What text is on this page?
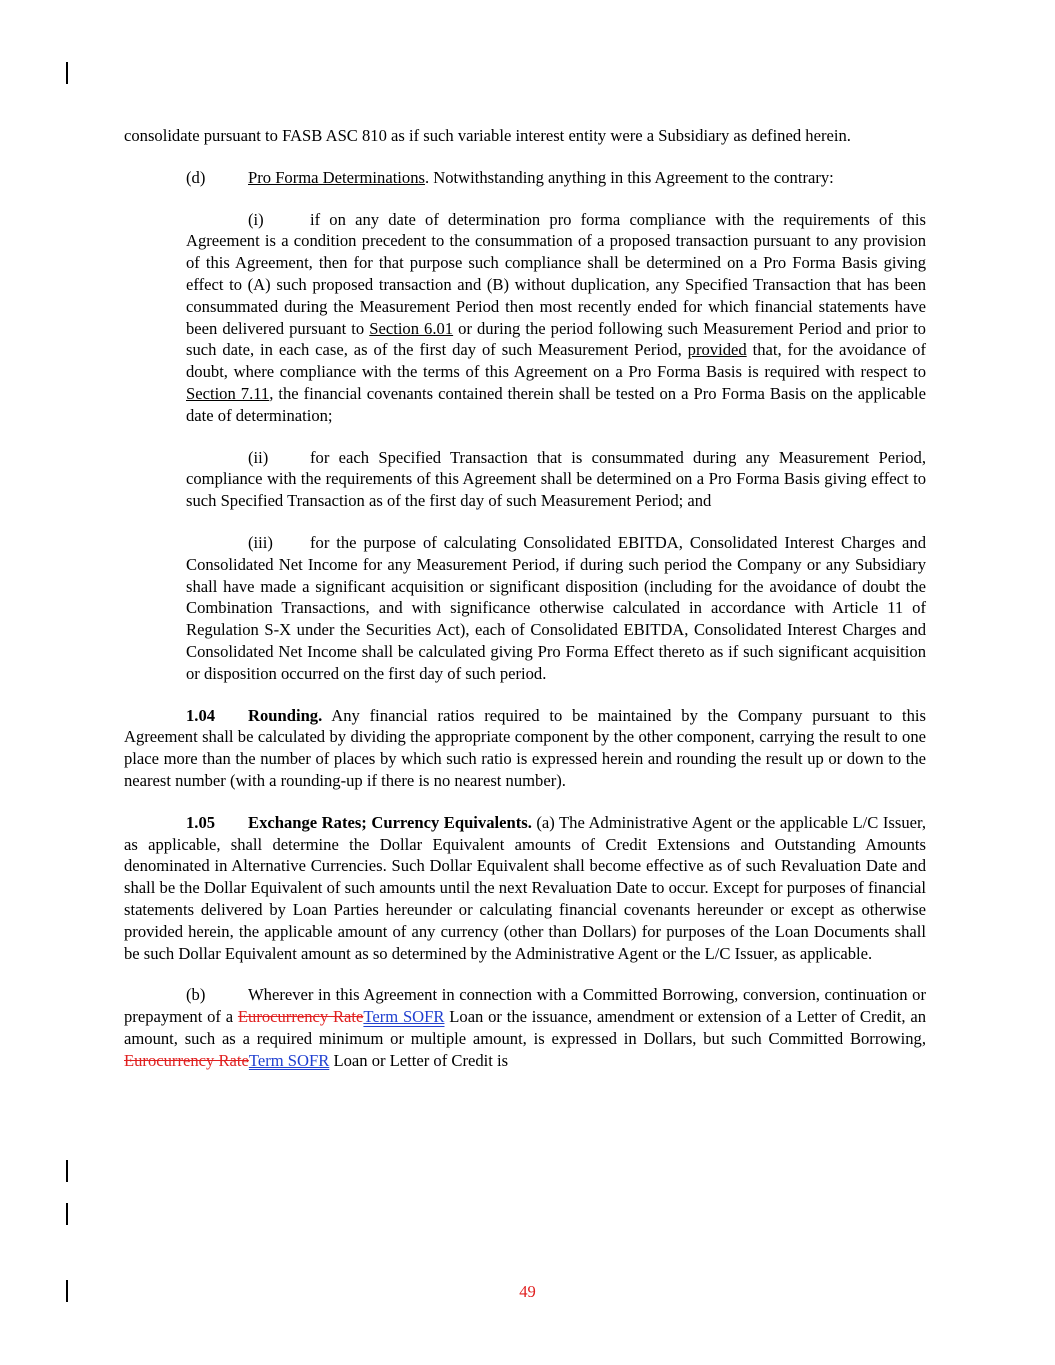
consolidate pursuant to FASB ASC 810 as if such variable interest entity were a Subsidiary as defined herein.

(d)	Pro Forma Determinations. Notwithstanding anything in this Agreement to the contrary:

(i)	if on any date of determination pro forma compliance with the requirements of this Agreement is a condition precedent to the consummation of a proposed transaction pursuant to any provision of this Agreement, then for that purpose such compliance shall be determined on a Pro Forma Basis giving effect to (A) such proposed transaction and (B) without duplication, any Specified Transaction that has been consummated during the Measurement Period then most recently ended for which financial statements have been delivered pursuant to Section 6.01 or during the period following such Measurement Period and prior to such date, in each case, as of the first day of such Measurement Period, provided that, for the avoidance of doubt, where compliance with the terms of this Agreement on a Pro Forma Basis is required with respect to Section 7.11, the financial covenants contained therein shall be tested on a Pro Forma Basis on the applicable date of determination;

(ii)	for each Specified Transaction that is consummated during any Measurement Period, compliance with the requirements of this Agreement shall be determined on a Pro Forma Basis giving effect to such Specified Transaction as of the first day of such Measurement Period; and

(iii) for the purpose of calculating Consolidated EBITDA, Consolidated Interest Charges and Consolidated Net Income for any Measurement Period, if during such period the Company or any Subsidiary shall have made a significant acquisition or significant disposition (including for the avoidance of doubt the Combination Transactions, and with significance otherwise calculated in accordance with Article 11 of Regulation S-X under the Securities Act), each of Consolidated EBITDA, Consolidated Interest Charges and Consolidated Net Income shall be calculated giving Pro Forma Effect thereto as if such significant acquisition or disposition occurred on the first day of such period.

1.04 Rounding. Any financial ratios required to be maintained by the Company pursuant to this Agreement shall be calculated by dividing the appropriate component by the other component, carrying the result to one place more than the number of places by which such ratio is expressed herein and rounding the result up or down to the nearest number (with a rounding-up if there is no nearest number).

1.05 Exchange Rates; Currency Equivalents. (a) The Administrative Agent or the applicable L/C Issuer, as applicable, shall determine the Dollar Equivalent amounts of Credit Extensions and Outstanding Amounts denominated in Alternative Currencies. Such Dollar Equivalent shall become effective as of such Revaluation Date and shall be the Dollar Equivalent of such amounts until the next Revaluation Date to occur. Except for purposes of financial statements delivered by Loan Parties hereunder or calculating financial covenants hereunder or except as otherwise provided herein, the applicable amount of any currency (other than Dollars) for purposes of the Loan Documents shall be such Dollar Equivalent amount as so determined by the Administrative Agent or the L/C Issuer, as applicable.

(b)	Wherever in this Agreement in connection with a Committed Borrowing, conversion, continuation or prepayment of a Eurocurrency RateTerm SOFR Loan or the issuance, amendment or extension of a Letter of Credit, an amount, such as a required minimum or multiple amount, is expressed in Dollars, but such Committed Borrowing, Eurocurrency RateTerm SOFR Loan or Letter of Credit is

49
